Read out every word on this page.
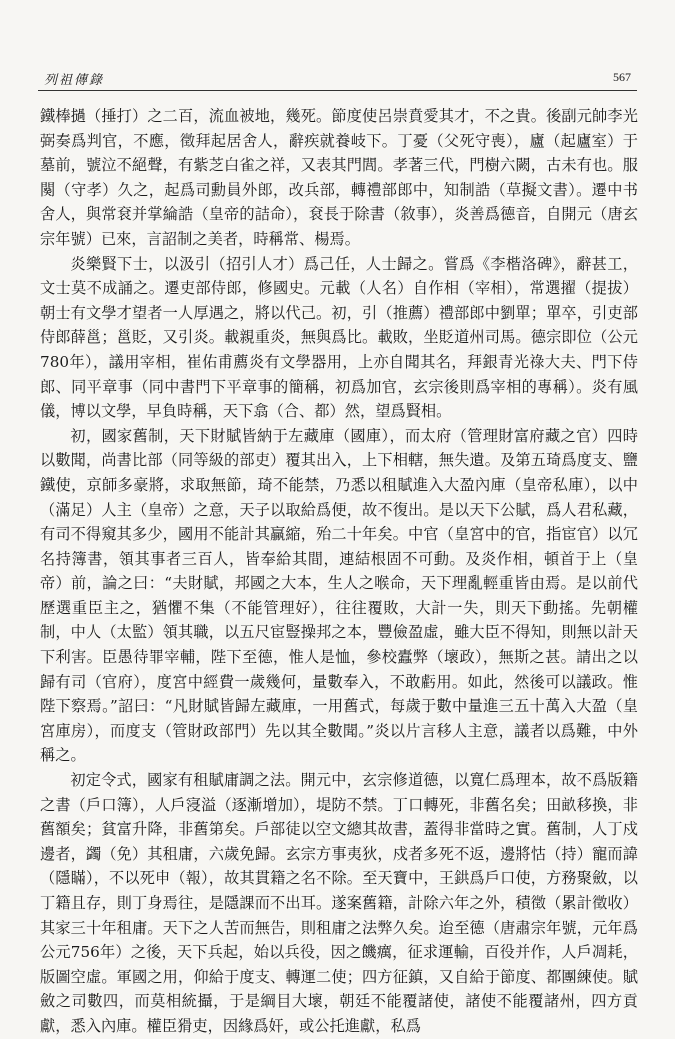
列祖傳錄	567

鐵棒撾（捶打）之二百，流血被地，幾死。節度使呂崇賁愛其才，不之貴。後副元帥李光弼奏爲判官，不應，徵拜起居舍人，辭疾就養岐下。丁憂（父死守喪），廬（起廬室）于墓前，號泣不絕聲，有紫芝白雀之祥，又表其門閭。孝著三代，門樹六闕，古未有也。服闋（守孝）久之，起爲司勳員外郎，改兵部，轉禮部郎中，知制誥（草擬文書）。遷中书舍人，與常袞并掌綸誥（皇帝的詰命），袞長于除書（敘事），炎善爲德音，自開元（唐玄宗年號）已來，言詔制之美者，時稱常、楊焉。

炎樂賢下士，以汲引（招引人才）爲己任，人士歸之。嘗爲《李楷洛碑》，辭甚工，文士莫不成誦之。遷吏部侍郎，修國史。元載（人名）自作相（宰相），常選擢（提拔）朝士有文學才望者一人厚遇之，將以代己。初，引（推薦）禮部郎中劉單；單卒，引吏部侍郎薛邕；邕貶，又引炎。載親重炎，無與爲比。載敗，坐貶道州司馬。德宗即位（公元780年），議用宰相，崔佑甫薦炎有文學器用，上亦自聞其名，拜銀青光祿大夫、門下侍郎、同平章事（同中書門下平章事的簡稱，初爲加官，玄宗後則爲宰相的專稱）。炎有風儀，博以文學，早負時稱，天下翕（合、都）然，望爲賢相。

初，國家舊制，天下財賦皆納于左藏庫（國庫），而太府（管理財富府藏之官）四時以數聞，尚書比部（同等級的部吏）覆其出入，上下相轄，無失遺。及第五琦爲度支、鹽鐵使，京師多豪將，求取無節，琦不能禁，乃悉以租賦進入大盈內庫（皇帝私庫），以中（滿足）人主（皇帝）之意，天子以取給爲便，故不復出。是以天下公賦，爲人君私藏，有司不得窺其多少，國用不能計其贏縮，殆二十年矣。中官（皇宮中的官，指宦官）以冗名持簿書，領其事者三百人，皆奉給其間，連結根固不可動。及炎作相，頓首于上（皇帝）前，論之曰：“夫財賦，邦國之大本，生人之喉命，天下理亂輕重皆由焉。是以前代歷選重臣主之，猶懼不集（不能管理好），往往覆敗，大計一失，則天下動搖。先朝權制，中人（太監）領其職，以五尺宦豎操邦之本，豐儉盈虛，雖大臣不得知，則無以計天下利害。臣愚待罪宰輔，陛下至德，惟人是恤，參校蠹弊（壞政），無斯之甚。請出之以歸有司（官府），度宮中經費一歲幾何，量數奉入，不敢虧用。如此，然後可以議政。惟陛下察焉。”詔曰：“凡財賦皆歸左藏庫，一用舊式，每歲于數中量進三五十萬入大盈（皇宮庫房），而度支（管財政部門）先以其全數聞。”炎以片言移人主意，議者以爲難，中外稱之。

初定令式，國家有租賦庸調之法。開元中，玄宗修道德，以寬仁爲理本，故不爲版籍之書（戶口簿），人戶寖溢（逐漸增加），堤防不禁。丁口轉死，非舊名矣；田畝移換，非舊額矣；貧富升降，非舊第矣。戶部徒以空文總其故書，蓋得非當時之實。舊制，人丁戍邊者，蠲（免）其租庸，六歲免歸。玄宗方事夷狄，戍者多死不返，邊將怙（持）寵而諱（隱瞞），不以死申（報），故其貫籍之名不除。至天寶中，王鉷爲戶口使，方務聚斂，以丁籍且存，則丁身焉往，是隱課而不出耳。遂案舊籍，計除六年之外，積徵（累計徵收）其家三十年租庸。天下之人苦而無告，則租庸之法弊久矣。迨至德（唐肅宗年號，元年爲公元756年）之後，天下兵起，始以兵役，因之饑癘，征求運輸，百役并作，人戶凋耗，版圖空虛。軍國之用，仰給于度支、轉運二使；四方征鎮，又自給于節度、都團練使。賦斂之司數四，而莫相統攝，于是綱目大壞，朝廷不能覆諸使，諸使不能覆諸州，四方貢獻，悉入內庫。權臣猾吏，因緣爲奸，或公托進獻，私爲
